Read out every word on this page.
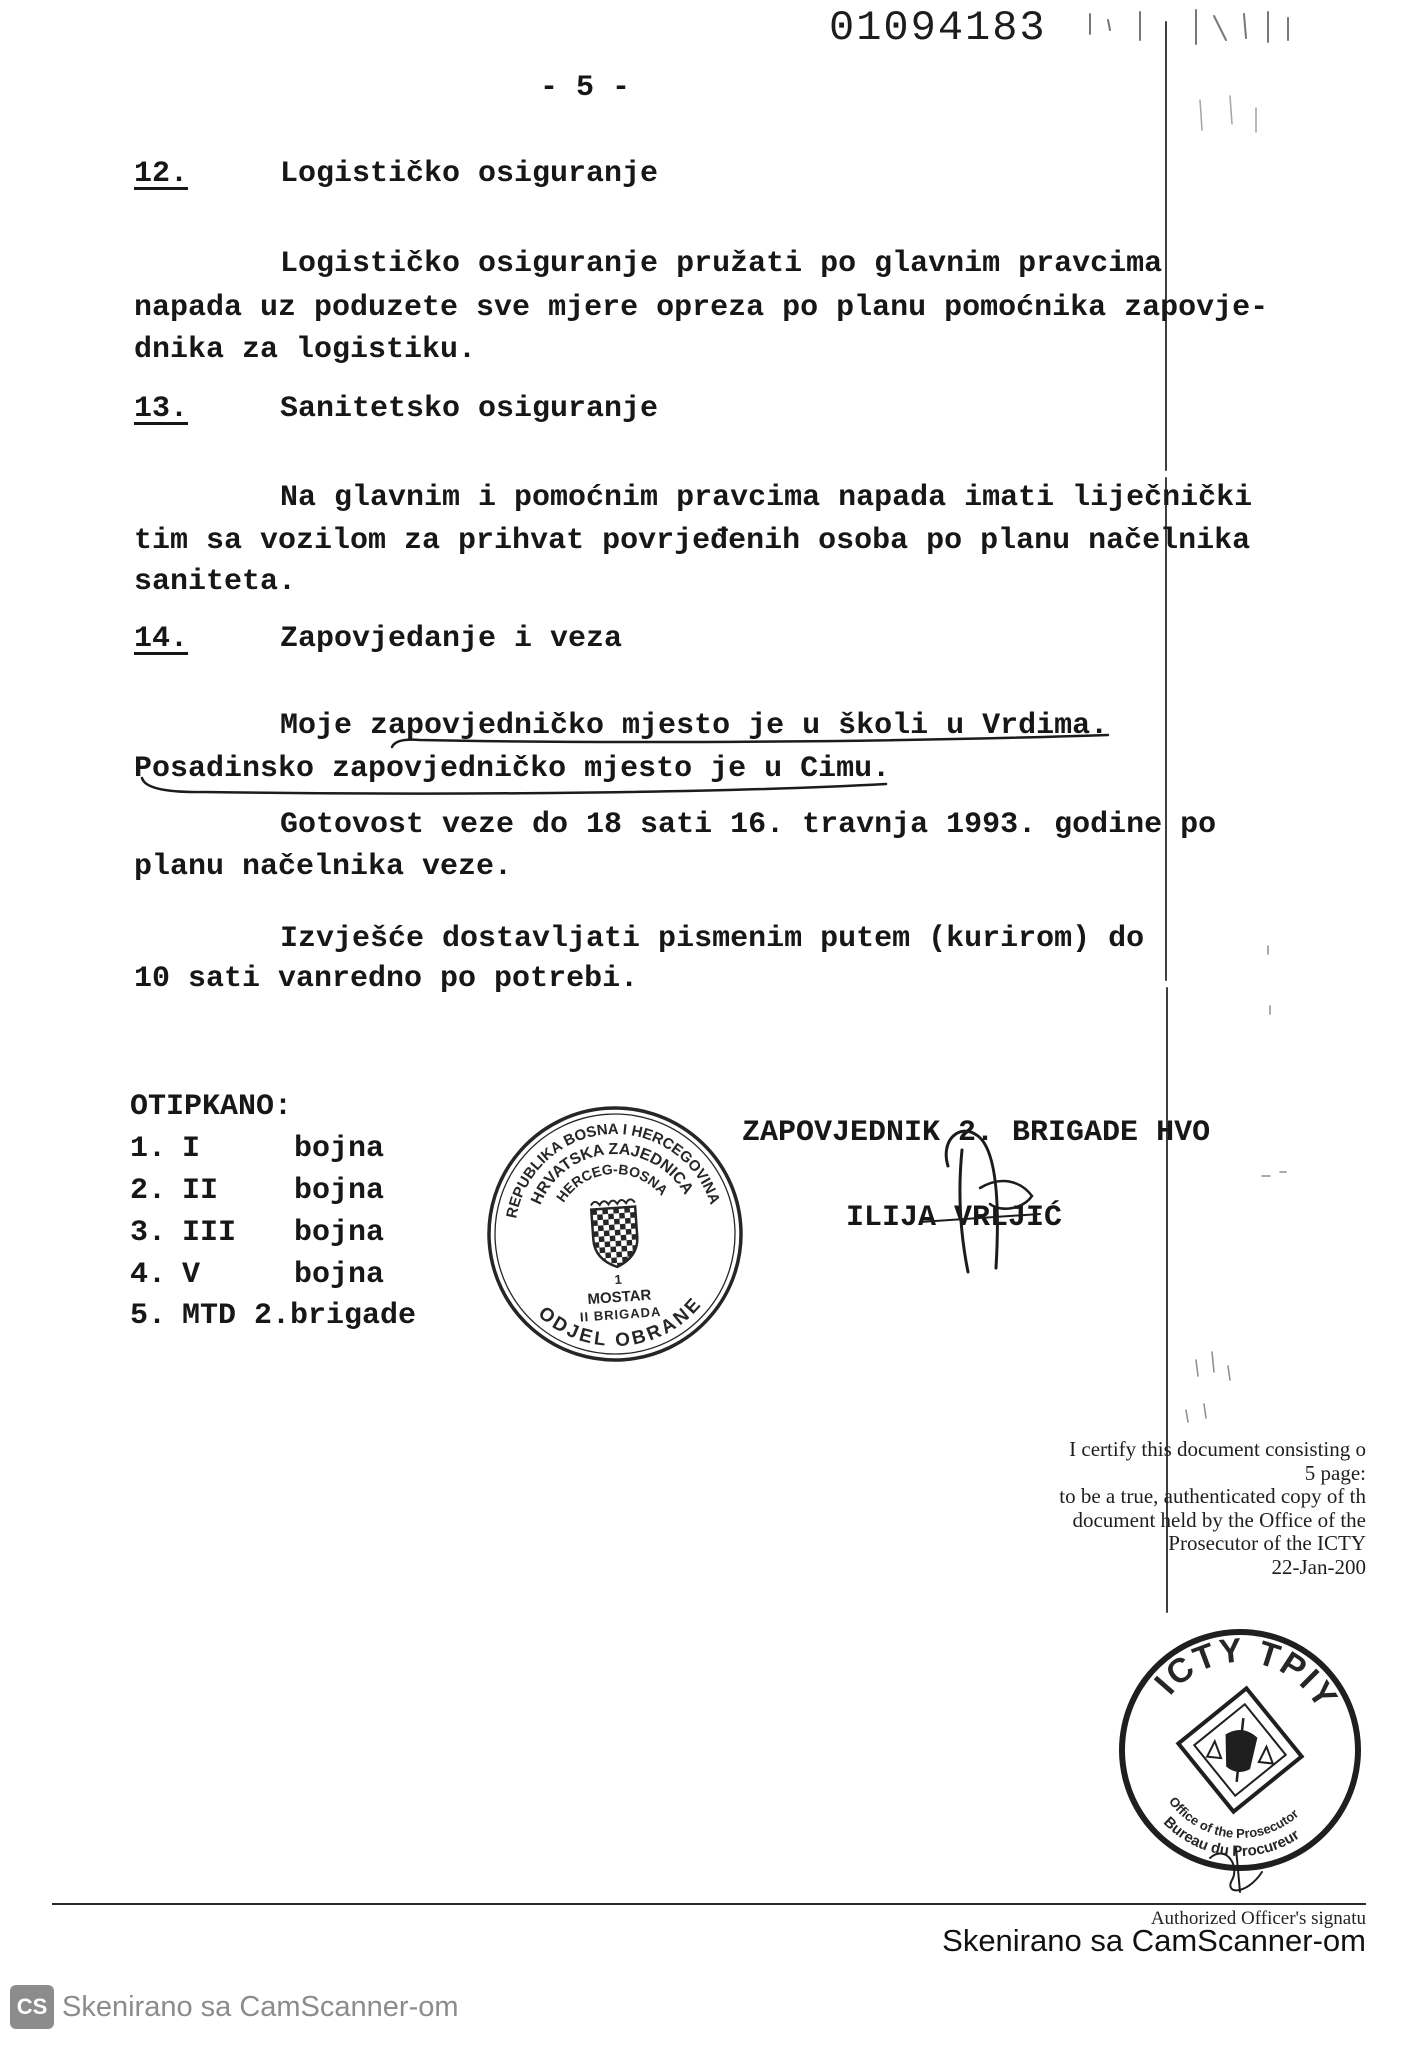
01094183
- 5 -
12.	Logističko osiguranje
Logističko osiguranje pružati po glavnim pravcima
napada uz poduzete sve mjere opreza po planu pomoćnika zapovje-
dnika za logistiku.
13.	Sanitetsko osiguranje
Na glavnim i pomoćnim pravcima napada imati liječnički
tim sa vozilom za prihvat povrjeđenih osoba po planu načelnika
saniteta.
14.	Zapovjedanje i veza
Moje zapovjedničko mjesto je u školi u Vrdima.
Posadinsko zapovjedničko mjesto je u Cimu.
Gotovost veze do 18 sati 16. travnja 1993. godine po
planu načelnika veze.
Izvješće dostavljati pismenim putem (kurirom) do
10 sati vanredno po potrebi.
OTIPKANO:
1. I	bojna
2. II	bojna
3. III bojna
4. V	bojna
5. MTD 2.brigade
ZAPOVJEDNIK 2. BRIGADE HVO
ILIJA VRLJIĆ
REPUBLIKA BOSNA I HERCEGOVINA
HRVATSKA ZAJEDNICA
HERCEG-BOSNA
1
MOSTAR
II BRIGADA
ODJEL OBRANE
I certify this document consisting o
5 page:
to be a true, authenticated copy of th
document held by the Office of the
Prosecutor of the ICTY
22-Jan-200
ICTY TPIY
Bureau du Procureur
Office of the Prosecutor
Authorized Officer's signatu
Skenirano sa CamScanner-om
CS Skenirano sa CamScanner-om
